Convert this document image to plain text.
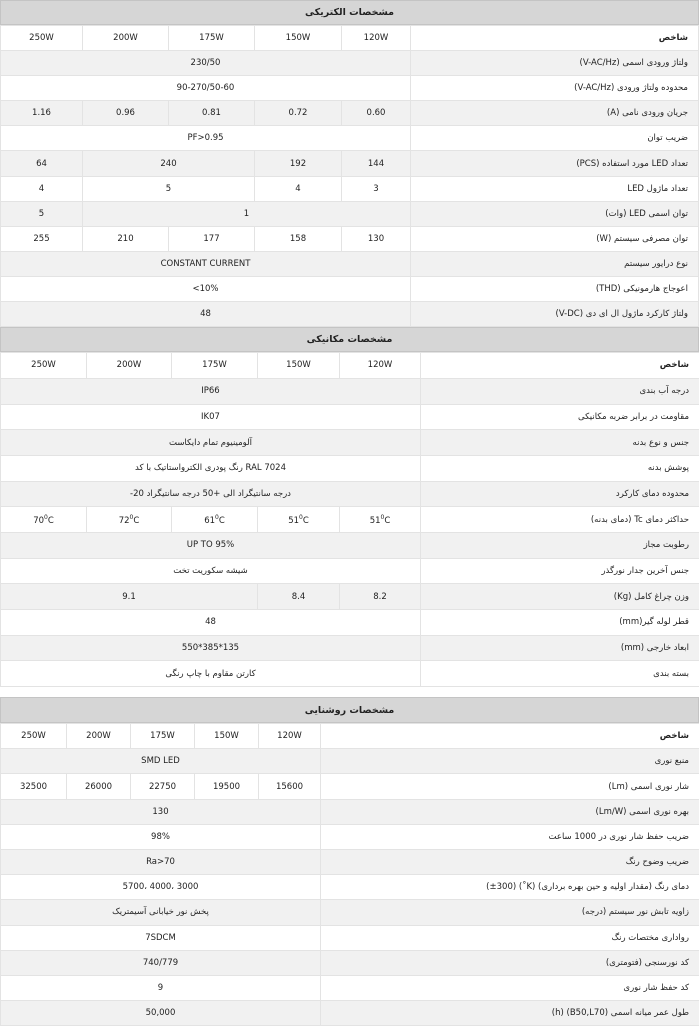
مشخصات الکتریکی
250W	200W	175W	150W	120W	شاخص
230/50					ولتاژ ورودی اسمی (V-AC/Hz)
90-270/50-60					محدوده ولتاژ ورودی (V-AC/Hz)
1.16	0.96	0.81	0.72	0.60	جریان ورودی نامی (A)
PF>0.95					ضریب توان
64	240		192	144	تعداد LED مورد استفاده (PCS)
4	5		4	3	تعداد ماژول LED
5	1				توان اسمی LED (وات)
255	210	177	158	130	توان مصرفی سیستم (W)
CONSTANT CURRENT					نوع درایور سیستم
<10%					اعوجاج هارمونیکی (THD)
48					ولتاژ کارکرد ماژول ال ای دی (V-DC)
مشخصات مکانیکی
250W	200W	175W	150W	120W	شاخص
IP66					درجه آب بندی
IK07					مقاومت در برابر ضربه مکانیکی
آلومینیوم تمام دایکاست					جنس و نوع بدنه
رنگ پودری الکترواستاتیک با کد RAL 7024					پوشش بدنه
-20 درجه سانتیگراد الی +50 درجه سانتیگراد					محدوده دمای کارکرد
$70^0C$	$72^0C$	$61^0C$	$51^0C$	$51^0C$	حداکثر دمای Tc (دمای بدنه)
UP TO 95%					رطوبت مجاز
شیشه سکوریت تخت					جنس آخرین جدار نورگذر
9.1			8.4	8.2	وزن چراغ کامل (Kg)
48					قطر لوله گیر(mm)
550*385*135					ابعاد خارجی (mm)
کارتن مقاوم با چاپ رنگی					بسته بندی
مشخصات روشنایی
250W	200W	175W	150W	120W	شاخص
SMD LED					منبع نوری
32500	26000	22750	19500	15600	شار نوری اسمی (Lm)
130					بهره نوری اسمی (Lm/W)
98%					ضریب حفظ شار نوری در 1000 ساعت
Ra>70					ضریب وضوح رنگ
5700، 4000، 3000					دمای رنگ (مقدار اولیه و حین بهره برداری) (K˚) (±300)
پخش نور خیابانی آسیمتریک					زاویه تابش نور سیستم (درجه)
7SDCM					رواداری مختصات رنگ
740/779					کد نورسنجی (فتومتری)
9					کد حفظ شار نوری
50,000					طول عمر میانه اسمی (B50,L70) (h)
